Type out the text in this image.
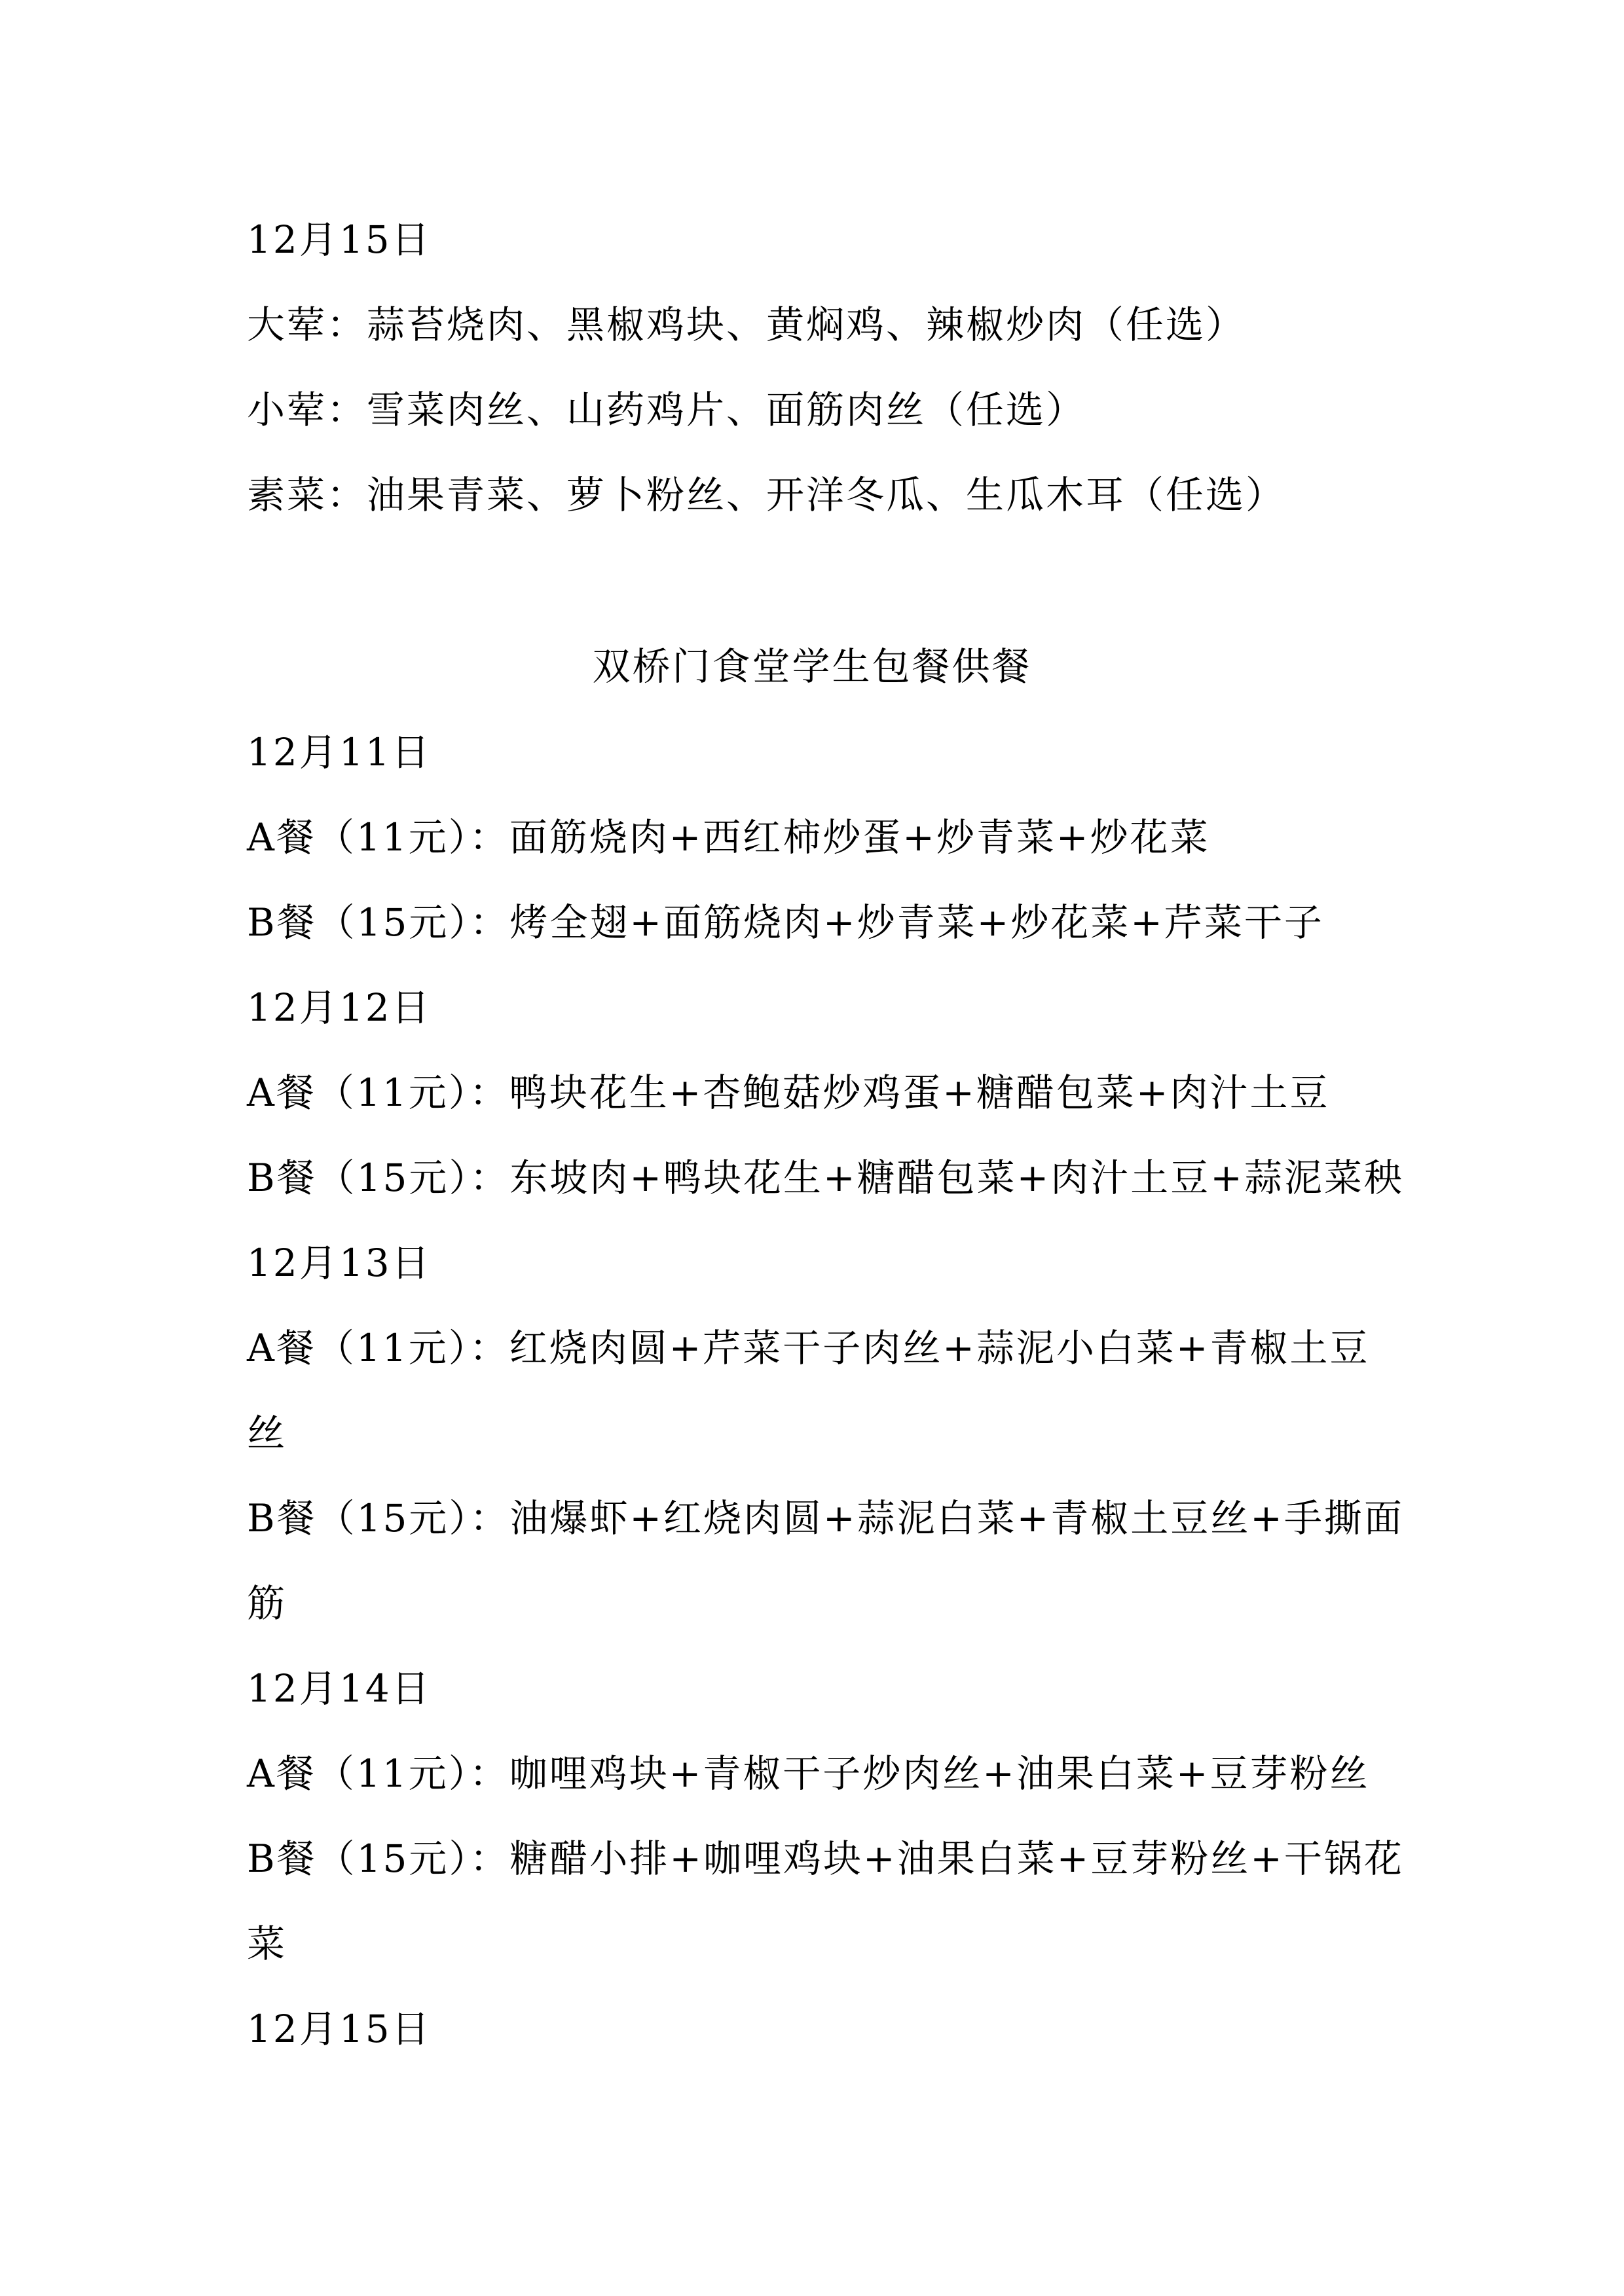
12月15日
大荤：蒜苔烧肉、黑椒鸡块、黄焖鸡、辣椒炒肉（任选）
小荤：雪菜肉丝、山药鸡片、面筋肉丝（任选）
素菜：油果青菜、萝卜粉丝、开洋冬瓜、生瓜木耳（任选）
双桥门食堂学生包餐供餐
12月11日
A餐（11元）：面筋烧肉+西红柿炒蛋+炒青菜+炒花菜
B餐（15元）：烤全翅+面筋烧肉+炒青菜+炒花菜+芹菜干子
12月12日
A餐（11元）：鸭块花生+杏鲍菇炒鸡蛋+糖醋包菜+肉汁土豆
B餐（15元）：东坡肉+鸭块花生+糖醋包菜+肉汁土豆+蒜泥菜秧
12月13日
A餐（11元）：红烧肉圆+芹菜干子肉丝+蒜泥小白菜+青椒土豆
丝
B餐（15元）：油爆虾+红烧肉圆+蒜泥白菜+青椒土豆丝+手撕面
筋
12月14日
A餐（11元）：咖哩鸡块+青椒干子炒肉丝+油果白菜+豆芽粉丝
B餐（15元）：糖醋小排+咖哩鸡块+油果白菜+豆芽粉丝+干锅花
菜
12月15日
